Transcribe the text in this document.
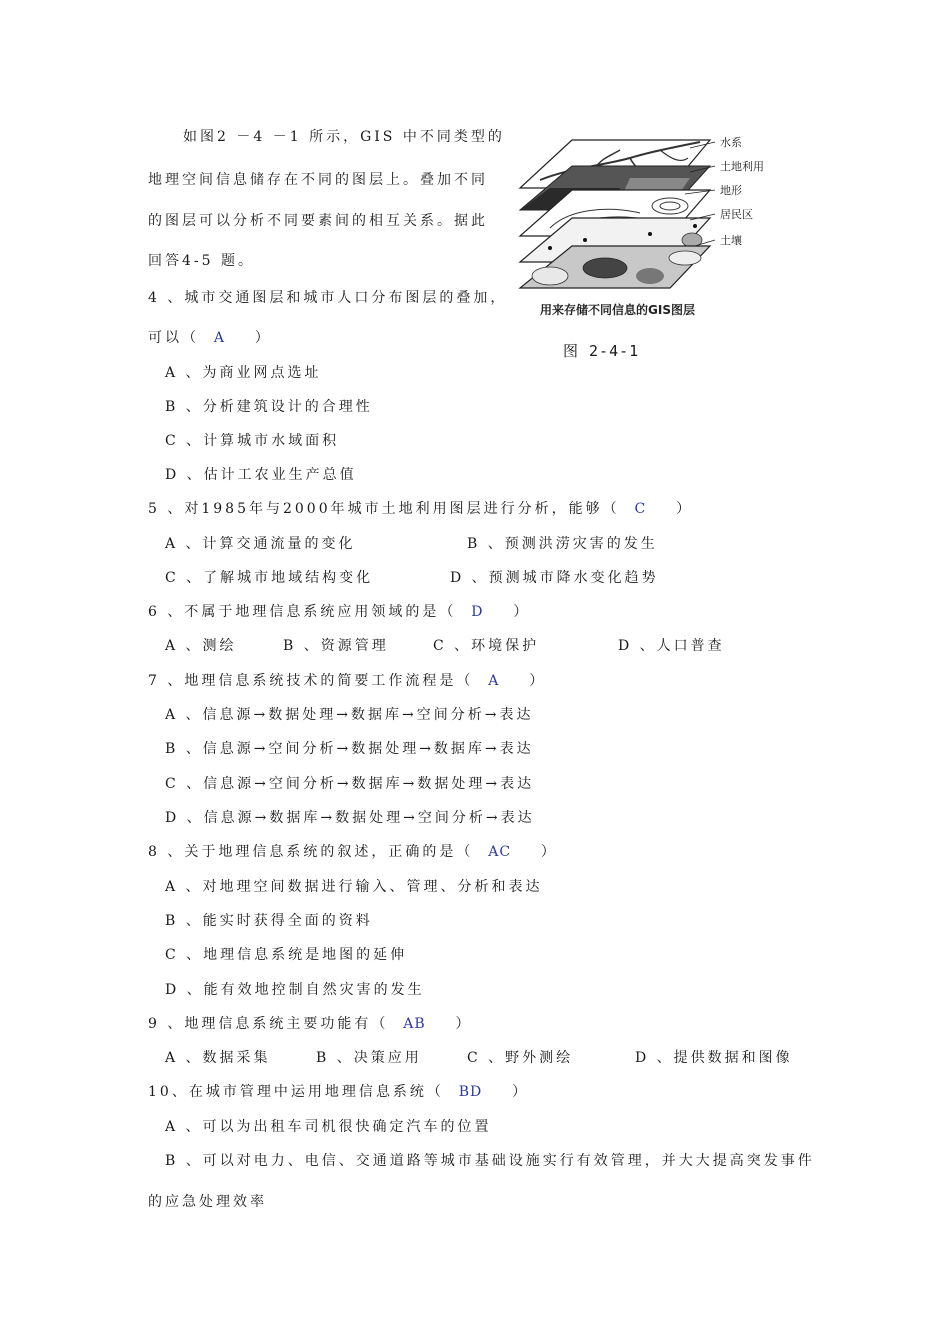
如图2 －4 －1 所示，GIS 中不同类型的
地理空间信息储存在不同的图层上。叠加不同
的图层可以分析不同要素间的相互关系。据此
回答4-5 题。
水系
土地利用
地形
居民区
土壤
用来存储不同信息的GIS图层
图 2-4-1
4 、城市交通图层和城市人口分布图层的叠加，
可以（ A ）
A 、为商业网点选址
B 、分析建筑设计的合理性
C 、计算城市水域面积
D 、估计工农业生产总值
5 、对1985年与2000年城市土地利用图层进行分析，能够（ C ）
A 、计算交通流量的变化	B 、预测洪涝灾害的发生
C 、了解城市地域结构变化	D 、预测城市降水变化趋势
6 、不属于地理信息系统应用领域的是（ D ）
A 、测绘	B 、资源管理	C 、环境保护	D 、人口普查
7 、地理信息系统技术的简要工作流程是（ A ）
A 、信息源→数据处理→数据库→空间分析→表达
B 、信息源→空间分析→数据处理→数据库→表达
C 、信息源→空间分析→数据库→数据处理→表达
D 、信息源→数据库→数据处理→空间分析→表达
8 、关于地理信息系统的叙述，正确的是（ AC ）
A 、对地理空间数据进行输入、管理、分析和表达
B 、能实时获得全面的资料
C 、地理信息系统是地图的延伸
D 、能有效地控制自然灾害的发生
9 、地理信息系统主要功能有（ AB ）
A 、数据采集	B 、决策应用	C 、野外测绘	D 、提供数据和图像
10、在城市管理中运用地理信息系统（ BD ）
A 、可以为出租车司机很快确定汽车的位置
B 、可以对电力、电信、交通道路等城市基础设施实行有效管理，并大大提高突发事件
的应急处理效率
